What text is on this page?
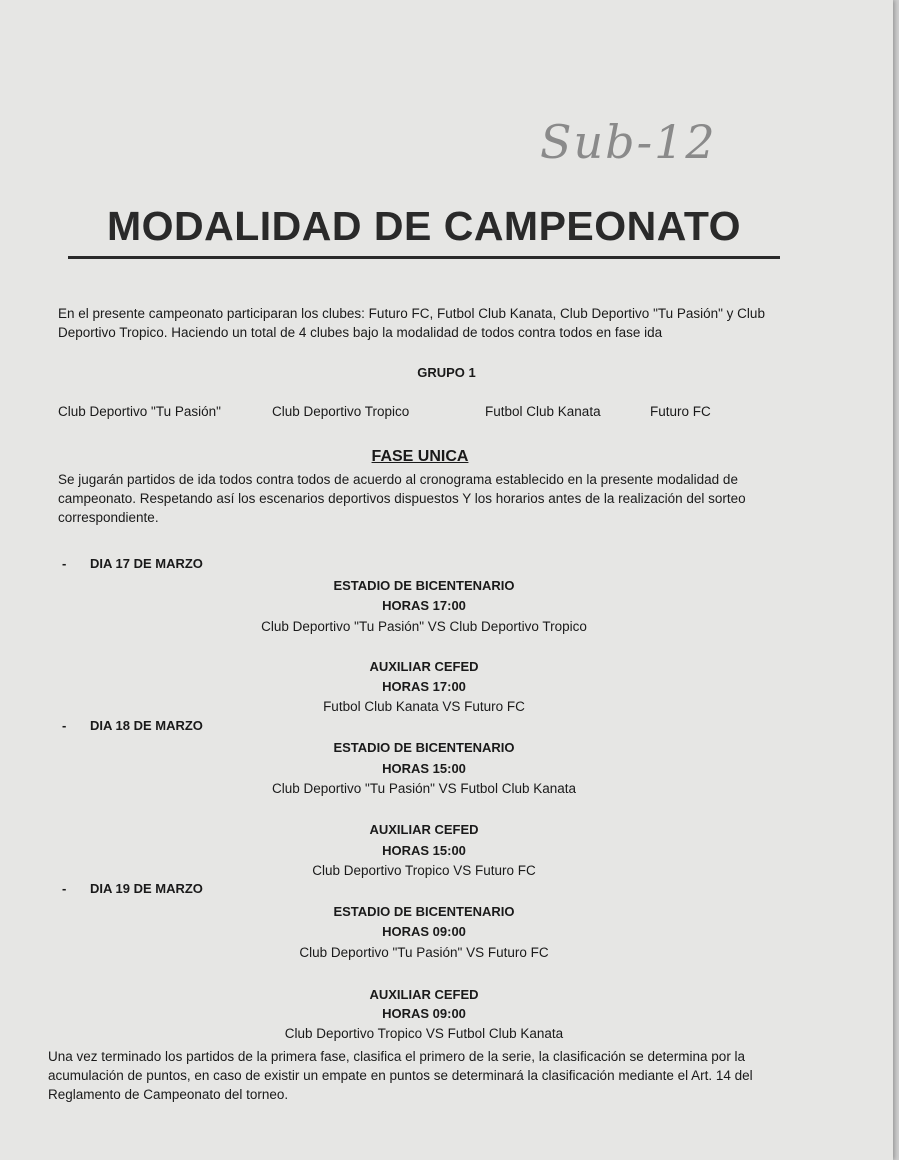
Sub-12
MODALIDAD DE CAMPEONATO
En el presente campeonato participaran los clubes: Futuro FC, Futbol Club Kanata, Club Deportivo "Tu Pasión" y Club Deportivo Tropico. Haciendo un total de 4 clubes bajo la modalidad de todos contra todos en fase ida
GRUPO 1
Club Deportivo "Tu Pasión"	Club Deportivo Tropico	Futbol Club Kanata	Futuro FC
FASE UNICA
Se jugarán partidos de ida todos contra todos de acuerdo al cronograma establecido en la presente modalidad de campeonato. Respetando así los escenarios deportivos dispuestos Y los horarios antes de la realización del sorteo correspondiente.
- DIA 17 DE MARZO
ESTADIO DE BICENTENARIO
HORAS 17:00
Club Deportivo "Tu Pasión" VS Club Deportivo Tropico
AUXILIAR CEFED
HORAS 17:00
Futbol Club Kanata VS Futuro FC
- DIA 18 DE MARZO
ESTADIO DE BICENTENARIO
HORAS 15:00
Club Deportivo "Tu Pasión" VS Futbol Club Kanata
AUXILIAR CEFED
HORAS 15:00
Club Deportivo Tropico VS Futuro FC
- DIA 19 DE MARZO
ESTADIO DE BICENTENARIO
HORAS 09:00
Club Deportivo "Tu Pasión" VS Futuro FC
AUXILIAR CEFED
HORAS 09:00
Club Deportivo Tropico VS Futbol Club Kanata
Una vez terminado los partidos de la primera fase, clasifica el primero de la serie, la clasificación se determina por la acumulación de puntos, en caso de existir un empate en puntos se determinará la clasificación mediante el Art. 14 del Reglamento de Campeonato del torneo.
